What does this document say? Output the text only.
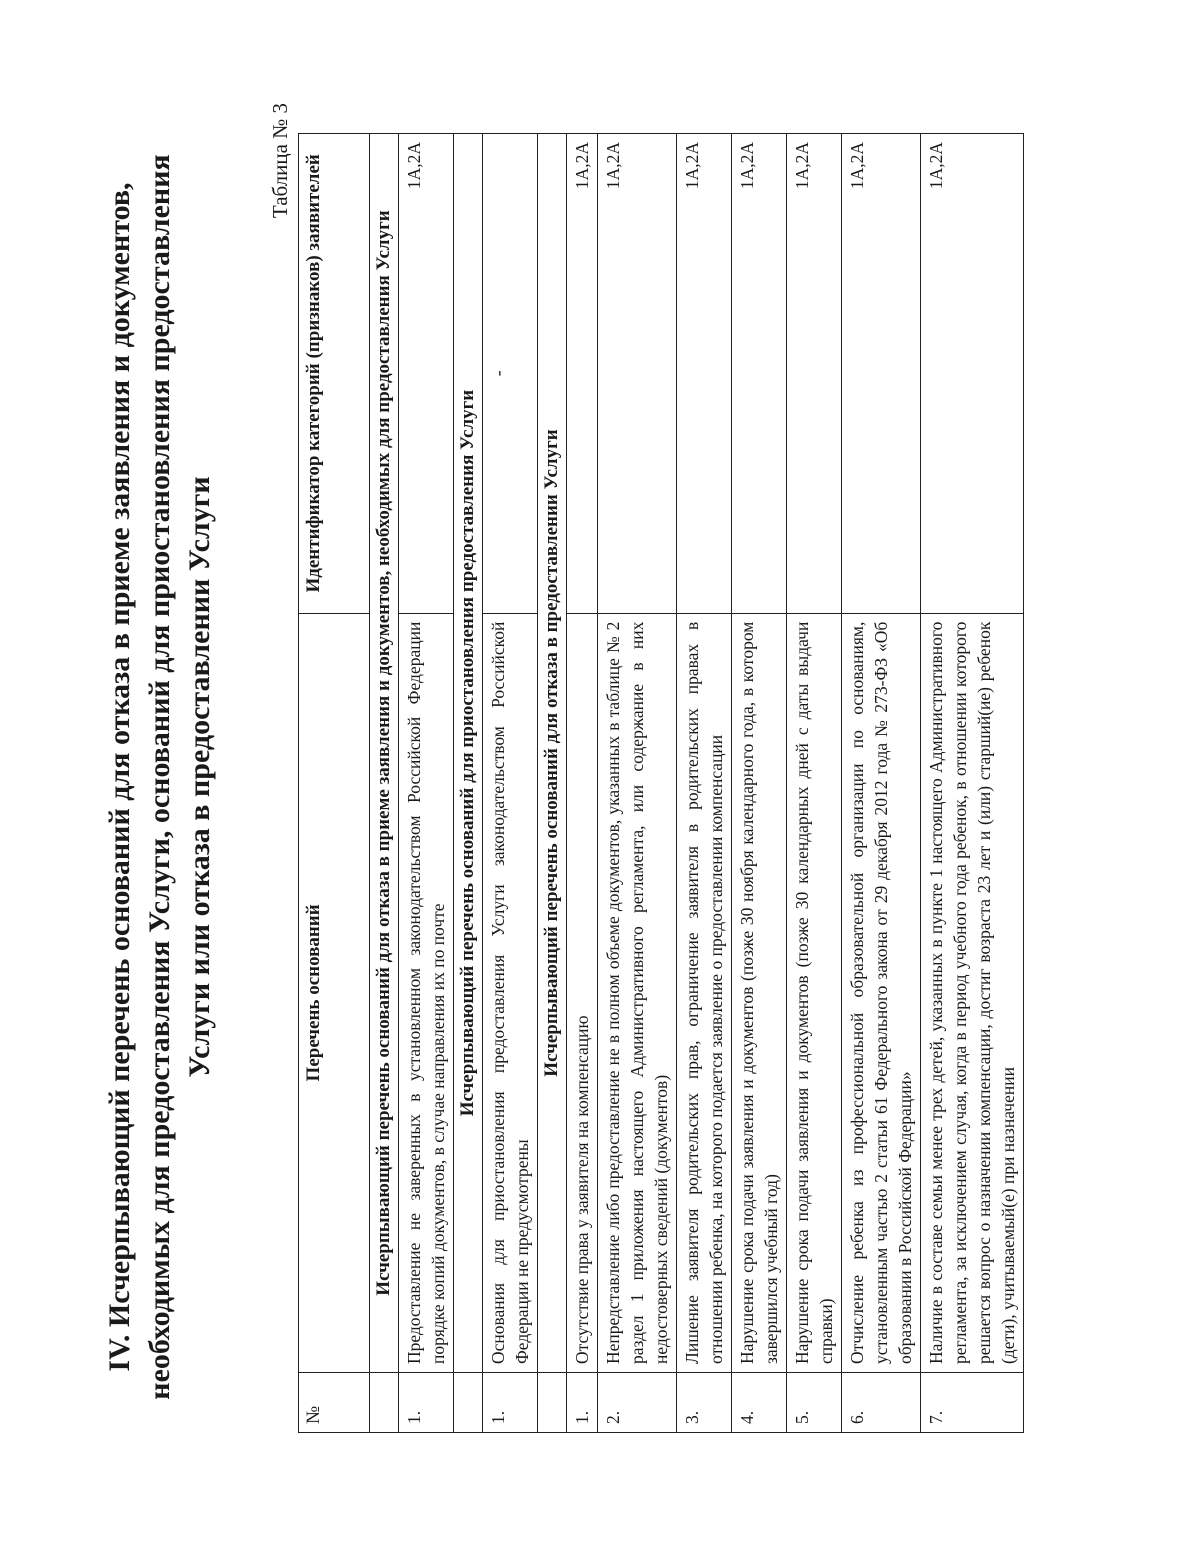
IV. Исчерпывающий перечень оснований для отказа в приеме заявления и документов, необходимых для предоставления Услуги, оснований для приостановления предоставления Услуги или отказа в предоставлении Услуги
Таблица № 3
№	Перечень оснований	Идентификатор категорий (признаков) заявителей
	Исчерпывающий перечень оснований для отказа в приеме заявления и документов, необходимых для предоставления Услуги	
1.	Предоставление не заверенных в установленном законодательством Российской Федерации порядке копий документов, в случае направления их по почте	1А,2А
	Исчерпывающий перечень оснований для приостановления предоставления Услуги	
1.	Основания для приостановления предоставления Услуги законодательством Российской Федерации не предусмотрены	-
	Исчерпывающий перечень оснований для отказа в предоставлении Услуги	
1.	Отсутствие права у заявителя на компенсацию	1А,2А
2.	Непредставление либо предоставление не в полном объеме документов, указанных в таблице № 2 раздел 1 приложения настоящего Административного регламента, или содержание в них недостоверных сведений (документов)	1А,2А
3.	Лишение заявителя родительских прав, ограничение заявителя в родительских правах в отношении ребенка, на которого подается заявление о предоставлении компенсации	1А,2А
4.	Нарушение срока подачи заявления и документов (позже 30 ноября календарного года, в котором завершился учебный год)	1А,2А
5.	Нарушение срока подачи заявления и документов (позже 30 календарных дней с даты выдачи справки)	1А,2А
6.	Отчисление ребенка из профессиональной образовательной организации по основаниям, установленным частью 2 статьи 61 Федерального закона от 29 декабря 2012 года № 273-ФЗ «Об образовании в Российской Федерации»	1А,2А
7.	Наличие в составе семьи менее трех детей, указанных в пункте 1 настоящего Административного регламента, за исключением случая, когда в период учебного года ребенок, в отношении которого решается вопрос о назначении компенсации, достиг возраста 23 лет и (или) старший(ие) ребенок (дети), учитываемый(е) при назначении	1А,2А
